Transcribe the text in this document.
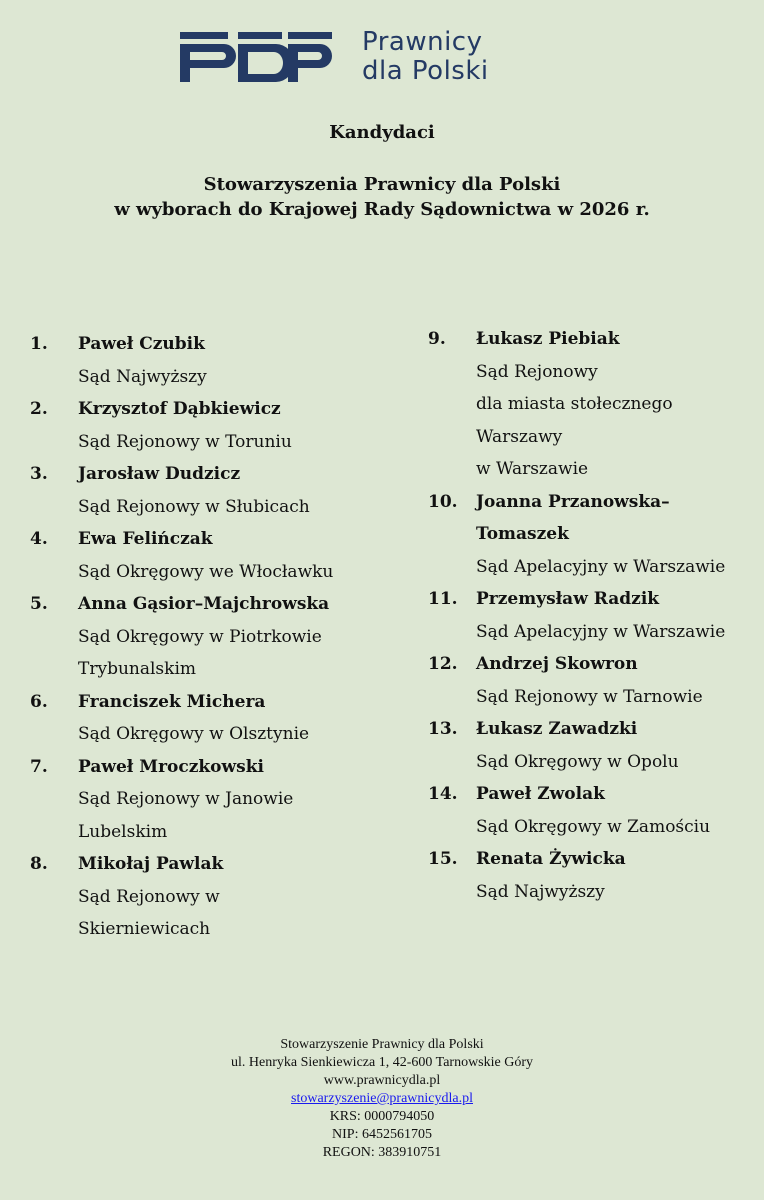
Prawnicy
dla Polski
Kandydaci
Stowarzyszenia Prawnicy dla Polski
w wyborach do Krajowej Rady Sądownictwa w 2026 r.
1. Paweł Czubik
Sąd Najwyższy
2. Krzysztof Dąbkiewicz
Sąd Rejonowy w Toruniu
3. Jarosław Dudzicz
Sąd Rejonowy w Słubicach
4. Ewa Felińczak
Sąd Okręgowy we Włocławku
5. Anna Gąsior–Majchrowska
Sąd Okręgowy w Piotrkowie
Trybunalskim
6. Franciszek Michera
Sąd Okręgowy w Olsztynie
7. Paweł Mroczkowski
Sąd Rejonowy w Janowie
Lubelskim
8. Mikołaj Pawlak
Sąd Rejonowy w
Skierniewicach
9. Łukasz Piebiak
Sąd Rejonowy
dla miasta stołecznego
Warszawy
w Warszawie
10. Joanna Przanowska–
Tomaszek
Sąd Apelacyjny w Warszawie
11. Przemysław Radzik
Sąd Apelacyjny w Warszawie
12. Andrzej Skowron
Sąd Rejonowy w Tarnowie
13. Łukasz Zawadzki
Sąd Okręgowy w Opolu
14. Paweł Zwolak
Sąd Okręgowy w Zamościu
15. Renata Żywicka
Sąd Najwyższy
Stowarzyszenie Prawnicy dla Polski
ul. Henryka Sienkiewicza 1, 42-600 Tarnowskie Góry
www.prawnicydla.pl
stowarzyszenie@prawnicydla.pl
KRS: 0000794050
NIP: 6452561705
REGON: 383910751
